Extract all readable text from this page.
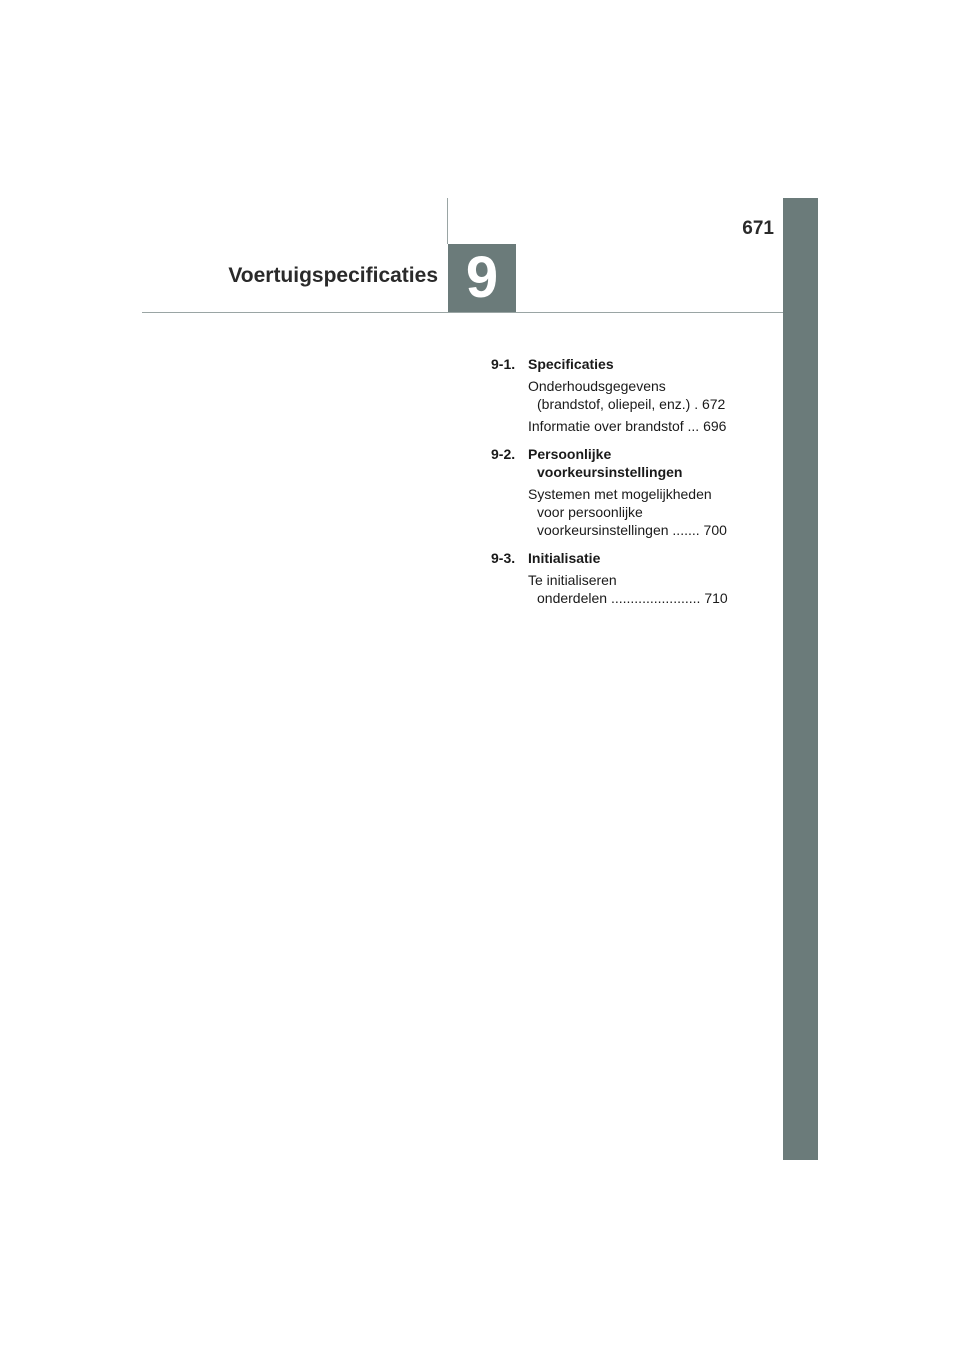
671
Voertuigspecificaties 9
9-1. Specificaties
Onderhoudsgegevens
(brandstof, oliepeil, enz.) . 672
Informatie over brandstof ... 696
9-2. Persoonlijke
voorkeursinstellingen
Systemen met mogelijkheden
voor persoonlijke
voorkeursinstellingen ....... 700
9-3. Initialisatie
Te initialiseren
onderdelen ....................... 710
